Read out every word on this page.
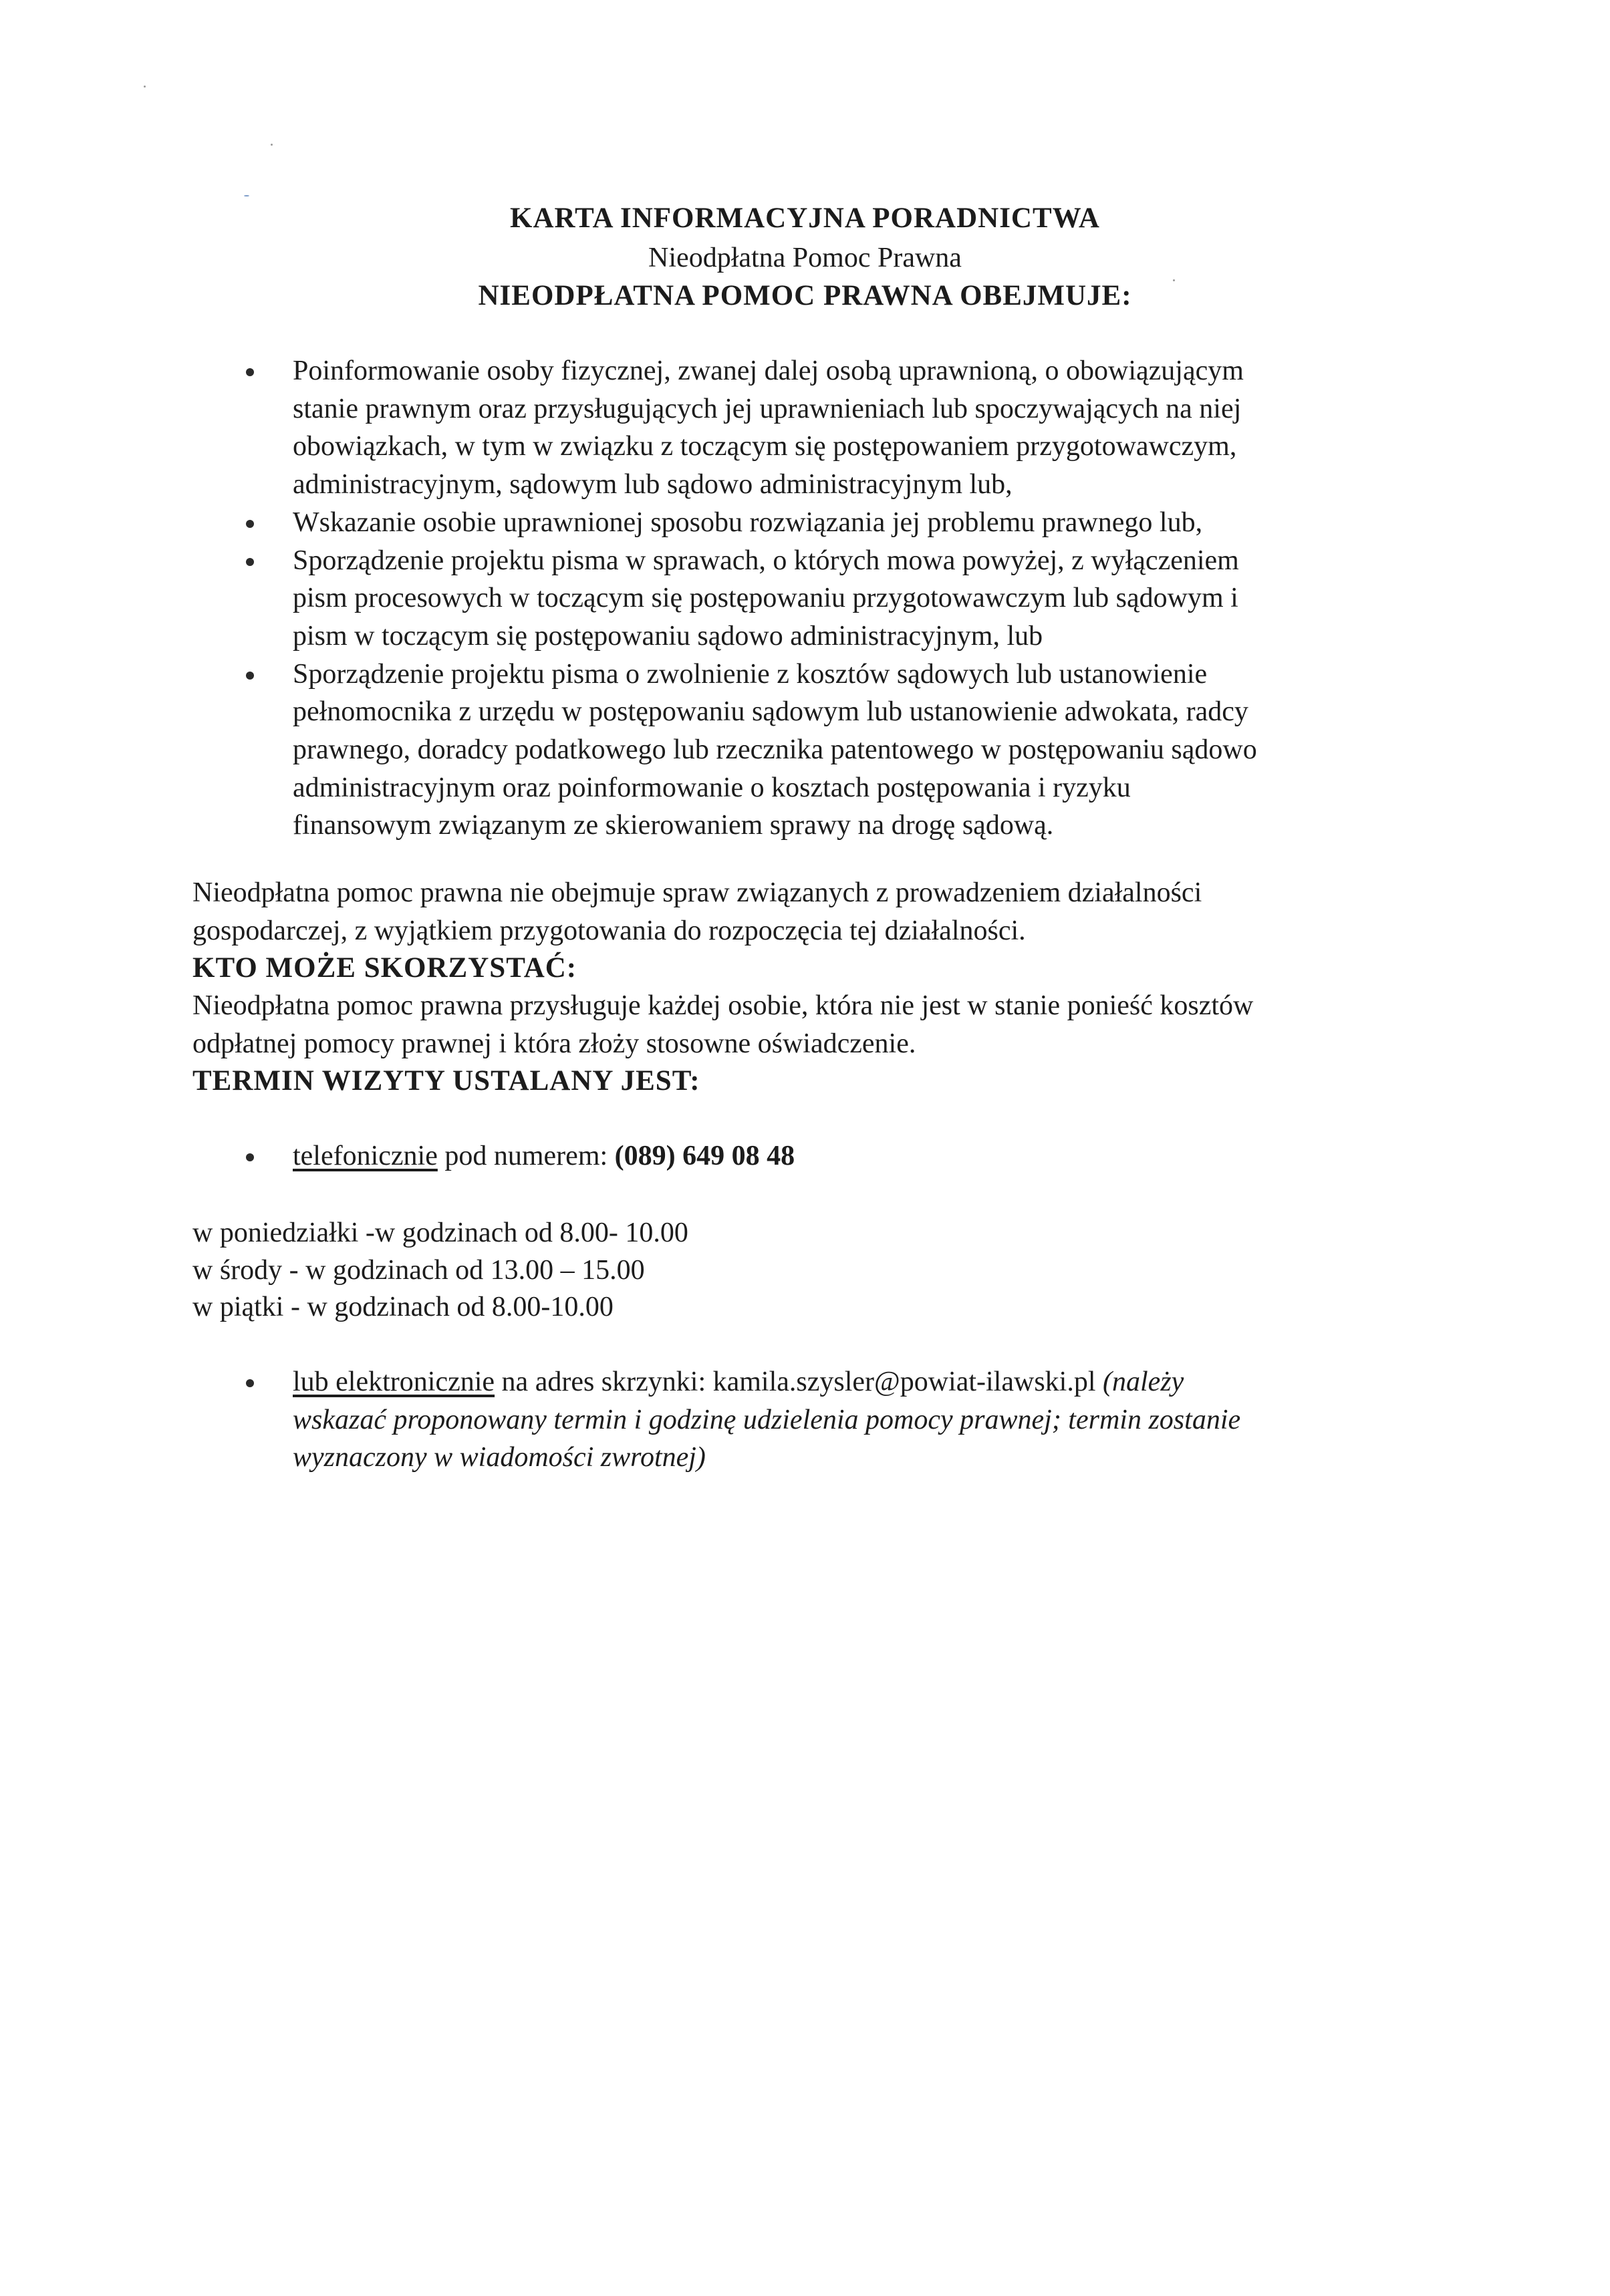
KARTA INFORMACYJNA PORADNICTWA
Nieodpłatna Pomoc Prawna
NIEODPŁATNA POMOC PRAWNA OBEJMUJE:
Poinformowanie osoby fizycznej, zwanej dalej osobą uprawnioną, o obowiązującym
stanie prawnym oraz przysługujących jej uprawnieniach lub spoczywających na niej
obowiązkach, w tym w związku z toczącym się postępowaniem przygotowawczym,
administracyjnym, sądowym lub sądowo administracyjnym lub,
Wskazanie osobie uprawnionej sposobu rozwiązania jej problemu prawnego lub,
Sporządzenie projektu pisma w sprawach, o których mowa powyżej, z wyłączeniem
pism procesowych w toczącym się postępowaniu przygotowawczym lub sądowym i
pism w toczącym się postępowaniu sądowo administracyjnym, lub
Sporządzenie projektu pisma o zwolnienie z kosztów sądowych lub ustanowienie
pełnomocnika z urzędu w postępowaniu sądowym lub ustanowienie adwokata, radcy
prawnego, doradcy podatkowego lub rzecznika patentowego w postępowaniu sądowo
administracyjnym oraz poinformowanie o kosztach postępowania i ryzyku
finansowym związanym ze skierowaniem sprawy na drogę sądową.

Nieodpłatna pomoc prawna nie obejmuje spraw związanych z prowadzeniem działalności
gospodarczej, z wyjątkiem przygotowania do rozpoczęcia tej działalności.

KTO MOŻE SKORZYSTAĆ:

Nieodpłatna pomoc prawna przysługuje każdej osobie, która nie jest w stanie ponieść kosztów
odpłatnej pomocy prawnej i która złoży stosowne oświadczenie.

TERMIN WIZYTY USTALANY JEST:

telefonicznie pod numerem: (089) 649 08 48
w poniedziałki -w godzinach od 8.00- 10.00
w środy - w godzinach od 13.00 – 15.00
w piątki - w godzinach od 8.00-10.00
lub elektronicznie na adres skrzynki: kamila.szysler@powiat-ilawski.pl (należy
wskazać proponowany termin i godzinę udzielenia pomocy prawnej; termin zostanie
wyznaczony w wiadomości zwrotnej)
